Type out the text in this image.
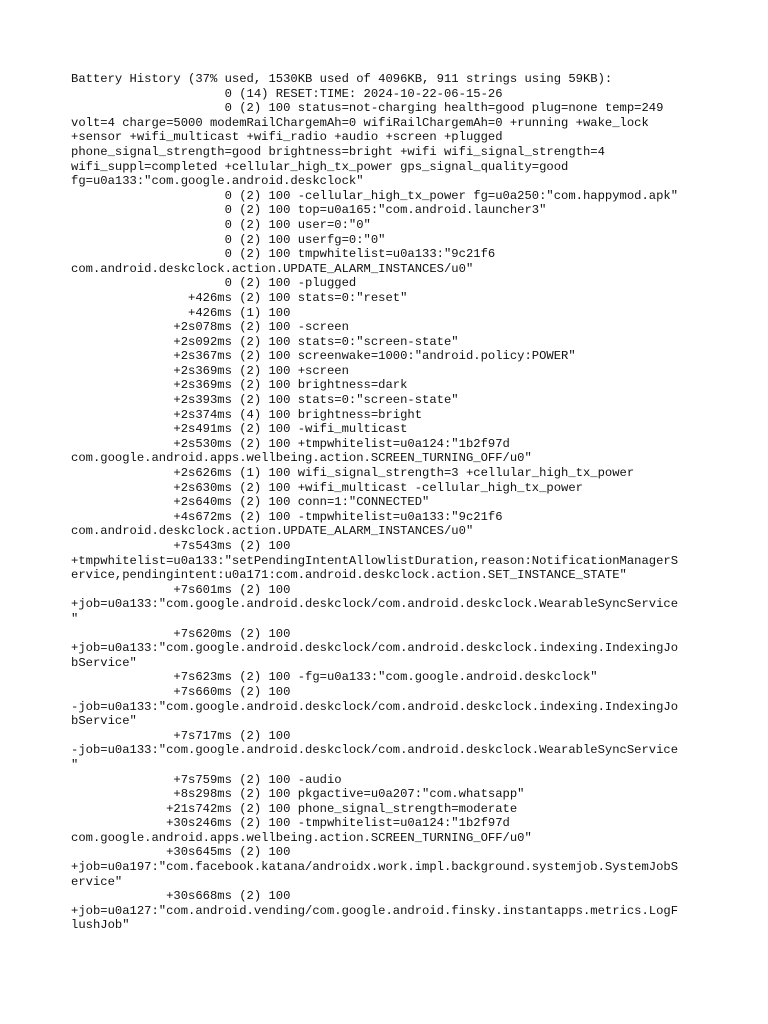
Battery History (37% used, 1530KB used of 4096KB, 911 strings using 59KB):
0 (14) RESET:TIME: 2024-10-22-06-15-26
0 (2) 100 status=not-charging health=good plug=none temp=249
volt=4 charge=5000 modemRailChargemAh=0 wifiRailChargemAh=0 +running +wake_lock
+sensor +wifi_multicast +wifi_radio +audio +screen +plugged
phone_signal_strength=good brightness=bright +wifi wifi_signal_strength=4
wifi_suppl=completed +cellular_high_tx_power gps_signal_quality=good
fg=u0a133:"com.google.android.deskclock"
0 (2) 100 -cellular_high_tx_power fg=u0a250:"com.happymod.apk"
0 (2) 100 top=u0a165:"com.android.launcher3"
0 (2) 100 user=0:"0"
0 (2) 100 userfg=0:"0"
0 (2) 100 tmpwhitelist=u0a133:"9c21f6
com.android.deskclock.action.UPDATE_ALARM_INSTANCES/u0"
0 (2) 100 -plugged
+426ms (2) 100 stats=0:"reset"
+426ms (1) 100
+2s078ms (2) 100 -screen
+2s092ms (2) 100 stats=0:"screen-state"
+2s367ms (2) 100 screenwake=1000:"android.policy:POWER"
+2s369ms (2) 100 +screen
+2s369ms (2) 100 brightness=dark
+2s393ms (2) 100 stats=0:"screen-state"
+2s374ms (4) 100 brightness=bright
+2s491ms (2) 100 -wifi_multicast
+2s530ms (2) 100 +tmpwhitelist=u0a124:"1b2f97d
com.google.android.apps.wellbeing.action.SCREEN_TURNING_OFF/u0"
+2s626ms (1) 100 wifi_signal_strength=3 +cellular_high_tx_power
+2s630ms (2) 100 +wifi_multicast -cellular_high_tx_power
+2s640ms (2) 100 conn=1:"CONNECTED"
+4s672ms (2) 100 -tmpwhitelist=u0a133:"9c21f6
com.android.deskclock.action.UPDATE_ALARM_INSTANCES/u0"
+7s543ms (2) 100
+tmpwhitelist=u0a133:"setPendingIntentAllowlistDuration,reason:NotificationManagerS
ervice,pendingintent:u0a171:com.android.deskclock.action.SET_INSTANCE_STATE"
+7s601ms (2) 100
+job=u0a133:"com.google.android.deskclock/com.android.deskclock.WearableSyncService
"
+7s620ms (2) 100
+job=u0a133:"com.google.android.deskclock/com.android.deskclock.indexing.IndexingJo
bService"
+7s623ms (2) 100 -fg=u0a133:"com.google.android.deskclock"
+7s660ms (2) 100
-job=u0a133:"com.google.android.deskclock/com.android.deskclock.indexing.IndexingJo
bService"
+7s717ms (2) 100
-job=u0a133:"com.google.android.deskclock/com.android.deskclock.WearableSyncService
"
+7s759ms (2) 100 -audio
+8s298ms (2) 100 pkgactive=u0a207:"com.whatsapp"
+21s742ms (2) 100 phone_signal_strength=moderate
+30s246ms (2) 100 -tmpwhitelist=u0a124:"1b2f97d
com.google.android.apps.wellbeing.action.SCREEN_TURNING_OFF/u0"
+30s645ms (2) 100
+job=u0a197:"com.facebook.katana/androidx.work.impl.background.systemjob.SystemJobS
ervice"
+30s668ms (2) 100
+job=u0a127:"com.android.vending/com.google.android.finsky.instantapps.metrics.LogF
lushJob"
